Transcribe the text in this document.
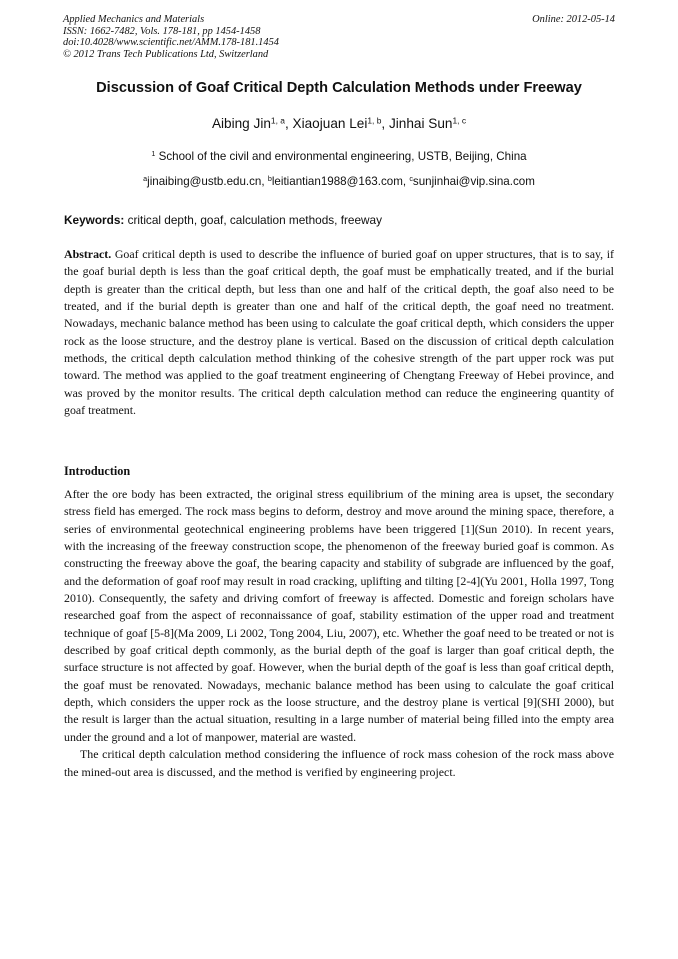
Applied Mechanics and Materials
ISSN: 1662-7482, Vols. 178-181, pp 1454-1458
doi:10.4028/www.scientific.net/AMM.178-181.1454
© 2012 Trans Tech Publications Ltd, Switzerland
Online: 2012-05-14
Discussion of Goaf Critical Depth Calculation Methods under Freeway
Aibing Jin$^{1, a}$, Xiaojuan Lei$^{1, b}$, Jinhai Sun$^{1, c}$
$^1$ School of the civil and environmental engineering, USTB, Beijing, China
$^a$jinaibing@ustb.edu.cn, $^b$leitiantian1988@163.com, $^c$sunjinhai@vip.sina.com
Keywords: critical depth, goaf, calculation methods, freeway
Abstract. Goaf critical depth is used to describe the influence of buried goaf on upper structures, that is to say, if the goaf burial depth is less than the goaf critical depth, the goaf must be emphatically treated, and if the burial depth is greater than the critical depth, but less than one and half of the critical depth, the goaf also need to be treated, and if the burial depth is greater than one and half of the critical depth, the goaf need no treatment. Nowadays, mechanic balance method has been using to calculate the goaf critical depth, which considers the upper rock as the loose structure, and the destroy plane is vertical. Based on the discussion of critical depth calculation methods, the critical depth calculation method thinking of the cohesive strength of the part upper rock was put toward. The method was applied to the goaf treatment engineering of Chengtang Freeway of Hebei province, and was proved by the monitor results. The critical depth calculation method can reduce the engineering quantity of goaf treatment.
Introduction

After the ore body has been extracted, the original stress equilibrium of the mining area is upset, the secondary stress field has emerged. The rock mass begins to deform, destroy and move around the mining space, therefore, a series of environmental geotechnical engineering problems have been triggered [1](Sun 2010). In recent years, with the increasing of the freeway construction scope, the phenomenon of the freeway buried goaf is common. As constructing the freeway above the goaf, the bearing capacity and stability of subgrade are influenced by the goaf, and the deformation of goaf roof may result in road cracking, uplifting and tilting [2-4](Yu 2001, Holla 1997, Tong 2010). Consequently, the safety and driving comfort of freeway is affected. Domestic and foreign scholars have researched goaf from the aspect of reconnaissance of goaf, stability estimation of the upper road and treatment technique of goaf [5-8](Ma 2009, Li 2002, Tong 2004, Liu, 2007), etc. Whether the goaf need to be treated or not is described by goaf critical depth commonly, as the burial depth of the goaf is larger than goaf critical depth, the surface structure is not affected by goaf. However, when the burial depth of the goaf is less than goaf critical depth, the goaf must be renovated. Nowadays, mechanic balance method has been using to calculate the goaf critical depth, which considers the upper rock as the loose structure, and the destroy plane is vertical [9](SHI 2000), but the result is larger than the actual situation, resulting in a large number of material being filled into the empty area under the ground and a lot of manpower, material are wasted.

The critical depth calculation method considering the influence of rock mass cohesion of the rock mass above the mined-out area is discussed, and the method is verified by engineering project.
